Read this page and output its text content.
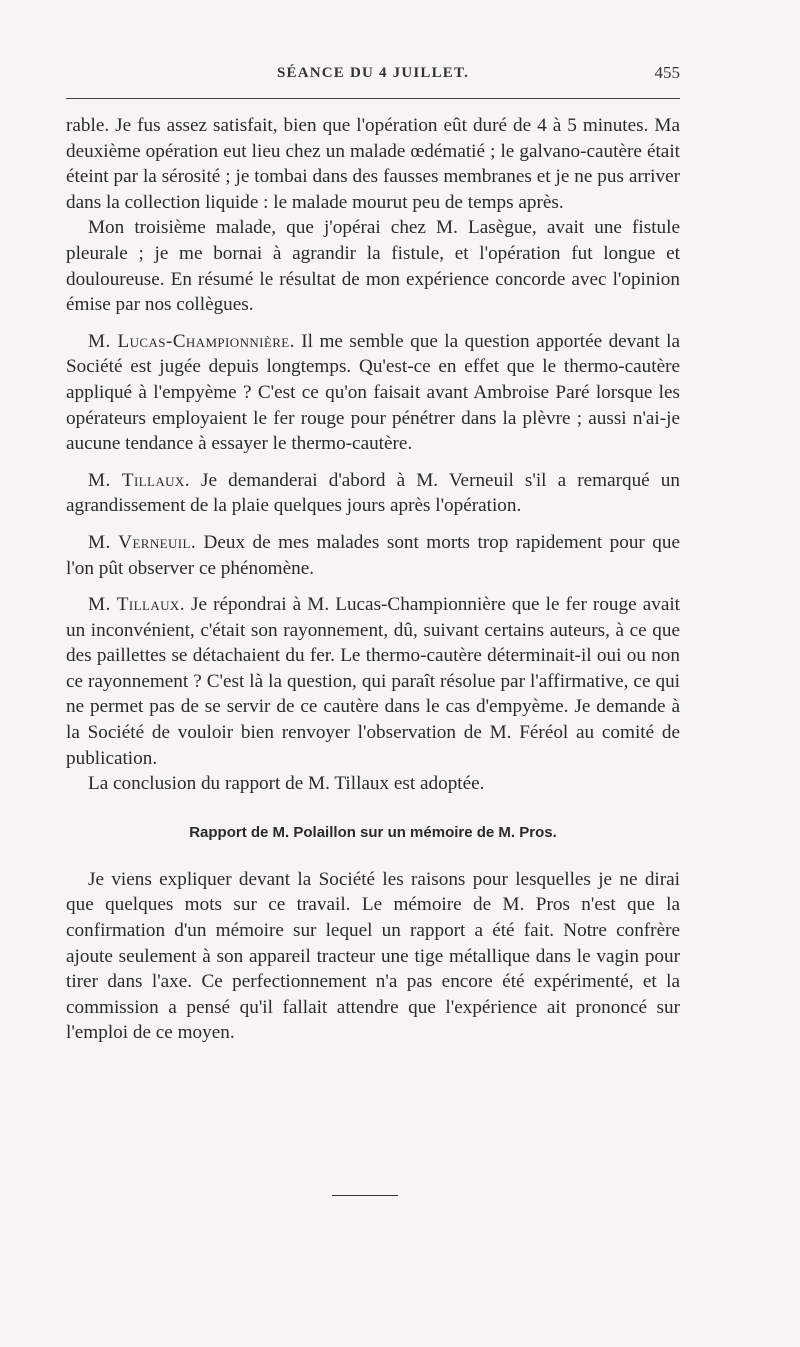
SÉANCE DU 4 JUILLET.	455

rable. Je fus assez satisfait, bien que l'opération eût duré de 4 à 5 minutes. Ma deuxième opération eut lieu chez un malade œdématié ; le galvano-cautère était éteint par la sérosité ; je tombai dans des fausses membranes et je ne pus arriver dans la collection liquide : le malade mourut peu de temps après.

Mon troisième malade, que j'opérai chez M. Lasègue, avait une fistule pleurale ; je me bornai à agrandir la fistule, et l'opération fut longue et douloureuse. En résumé le résultat de mon expérience concorde avec l'opinion émise par nos collègues.

M. Lucas-Championnière. Il me semble que la question apportée devant la Société est jugée depuis longtemps. Qu'est-ce en effet que le thermo-cautère appliqué à l'empyème ? C'est ce qu'on faisait avant Ambroise Paré lorsque les opérateurs employaient le fer rouge pour pénétrer dans la plèvre ; aussi n'ai-je aucune tendance à essayer le thermo-cautère.

M. Tillaux. Je demanderai d'abord à M. Verneuil s'il a remarqué un agrandissement de la plaie quelques jours après l'opération.

M. Verneuil. Deux de mes malades sont morts trop rapidement pour que l'on pût observer ce phénomène.

M. Tillaux. Je répondrai à M. Lucas-Championnière que le fer rouge avait un inconvénient, c'était son rayonnement, dû, suivant certains auteurs, à ce que des paillettes se détachaient du fer. Le thermo-cautère déterminait-il oui ou non ce rayonnement ? C'est là la question, qui paraît résolue par l'affirmative, ce qui ne permet pas de se servir de ce cautère dans le cas d'empyème. Je demande à la Société de vouloir bien renvoyer l'observation de M. Féréol au comité de publication.

La conclusion du rapport de M. Tillaux est adoptée.

Rapport de M. Polaillon sur un mémoire de M. Pros.

Je viens expliquer devant la Société les raisons pour lesquelles je ne dirai que quelques mots sur ce travail. Le mémoire de M. Pros n'est que la confirmation d'un mémoire sur lequel un rapport a été fait. Notre confrère ajoute seulement à son appareil tracteur une tige métallique dans le vagin pour tirer dans l'axe. Ce perfectionnement n'a pas encore été expérimenté, et la commission a pensé qu'il fallait attendre que l'expérience ait prononcé sur l'emploi de ce moyen.
